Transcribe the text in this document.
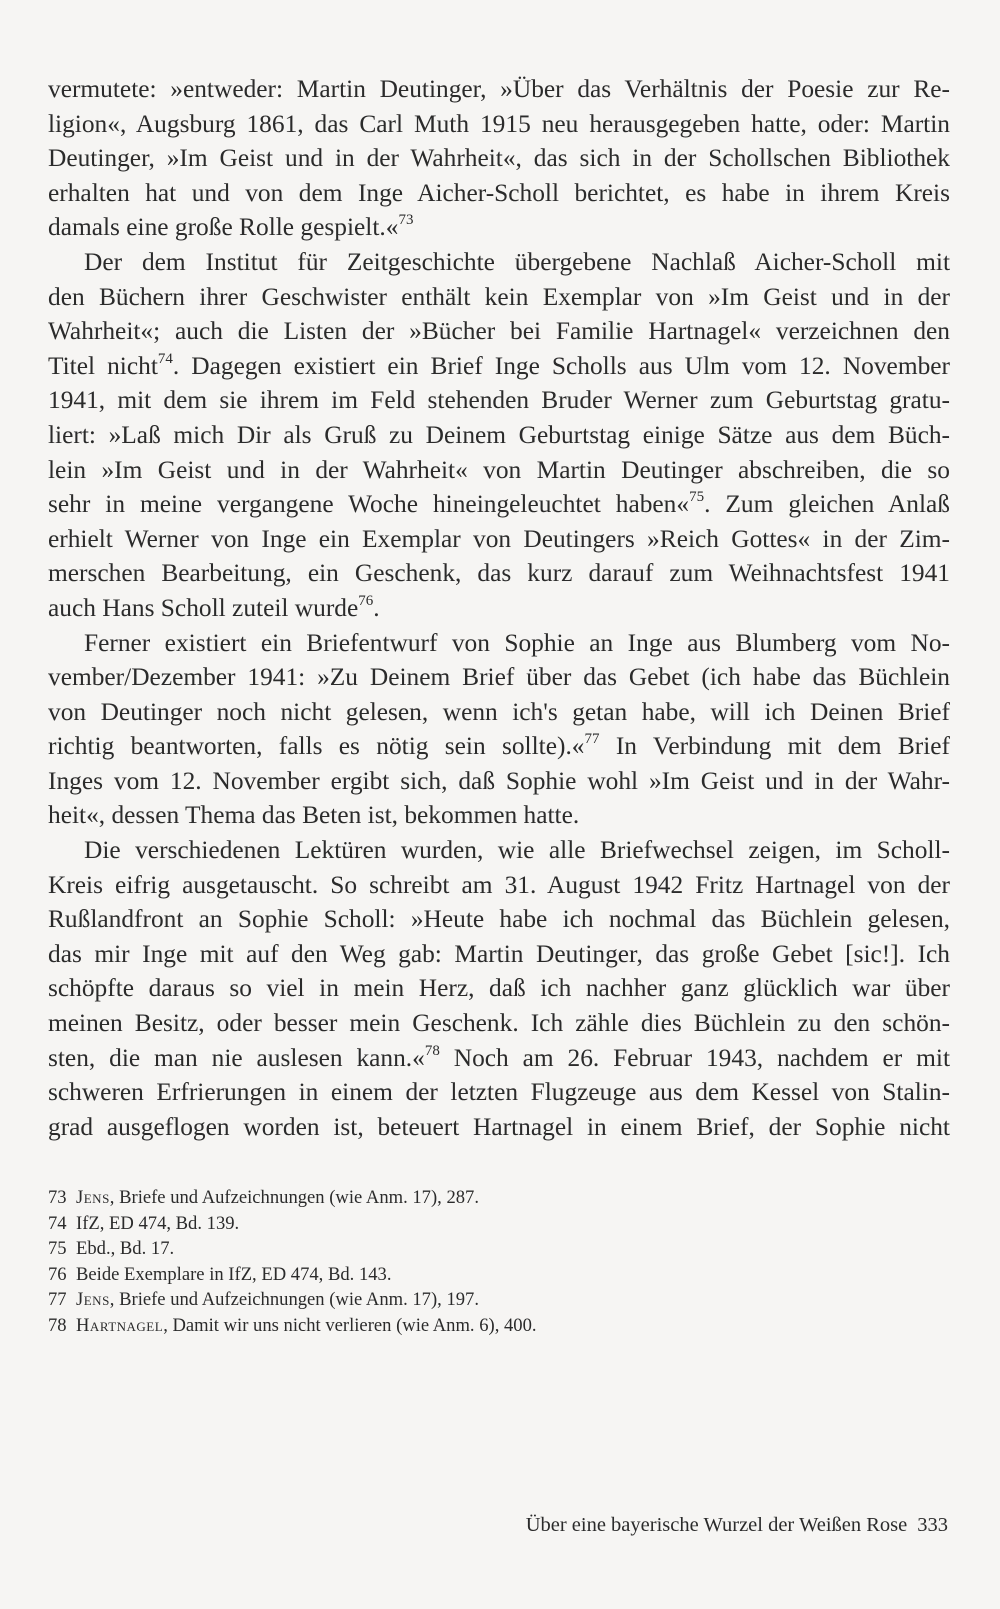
vermutete: »entweder: Martin Deutinger, »Über das Verhältnis der Poesie zur Re-
ligion«, Augsburg 1861, das Carl Muth 1915 neu herausgegeben hatte, oder: Martin
Deutinger, »Im Geist und in der Wahrheit«, das sich in der Schollschen Bibliothek
erhalten hat und von dem Inge Aicher-Scholl berichtet, es habe in ihrem Kreis
damals eine große Rolle gespielt.«$^{73}$
Der dem Institut für Zeitgeschichte übergebene Nachlaß Aicher-Scholl mit
den Büchern ihrer Geschwister enthält kein Exemplar von »Im Geist und in der
Wahrheit«; auch die Listen der »Bücher bei Familie Hartnagel« verzeichnen den
Titel nicht$^{74}$. Dagegen existiert ein Brief Inge Scholls aus Ulm vom 12. November
1941, mit dem sie ihrem im Feld stehenden Bruder Werner zum Geburtstag gratu-
liert: »Laß mich Dir als Gruß zu Deinem Geburtstag einige Sätze aus dem Büch-
lein »Im Geist und in der Wahrheit« von Martin Deutinger abschreiben, die so
sehr in meine vergangene Woche hineingeleuchtet haben«$^{75}$. Zum gleichen Anlaß
erhielt Werner von Inge ein Exemplar von Deutingers »Reich Gottes« in der Zim-
merschen Bearbeitung, ein Geschenk, das kurz darauf zum Weihnachtsfest 1941
auch Hans Scholl zuteil wurde$^{76}$.
Ferner existiert ein Briefentwurf von Sophie an Inge aus Blumberg vom No-
vember/Dezember 1941: »Zu Deinem Brief über das Gebet (ich habe das Büchlein
von Deutinger noch nicht gelesen, wenn ich's getan habe, will ich Deinen Brief
richtig beantworten, falls es nötig sein sollte).«$^{77}$ In Verbindung mit dem Brief
Inges vom 12. November ergibt sich, daß Sophie wohl »Im Geist und in der Wahr-
heit«, dessen Thema das Beten ist, bekommen hatte.
Die verschiedenen Lektüren wurden, wie alle Briefwechsel zeigen, im Scholl-
Kreis eifrig ausgetauscht. So schreibt am 31. August 1942 Fritz Hartnagel von der
Rußlandfront an Sophie Scholl: »Heute habe ich nochmal das Büchlein gelesen,
das mir Inge mit auf den Weg gab: Martin Deutinger, das große Gebet [sic!]. Ich
schöpfte daraus so viel in mein Herz, daß ich nachher ganz glücklich war über
meinen Besitz, oder besser mein Geschenk. Ich zähle dies Büchlein zu den schön-
sten, die man nie auslesen kann.«$^{78}$ Noch am 26. Februar 1943, nachdem er mit
schweren Erfrierungen in einem der letzten Flugzeuge aus dem Kessel von Stalin-
grad ausgeflogen worden ist, beteuert Hartnagel in einem Brief, der Sophie nicht
73 Jens, Briefe und Aufzeichnungen (wie Anm. 17), 287.
74 IfZ, ED 474, Bd. 139.
75 Ebd., Bd. 17.
76 Beide Exemplare in IfZ, ED 474, Bd. 143.
77 Jens, Briefe und Aufzeichnungen (wie Anm. 17), 197.
78 Hartnagel, Damit wir uns nicht verlieren (wie Anm. 6), 400.
Über eine bayerische Wurzel der Weißen Rose 333
